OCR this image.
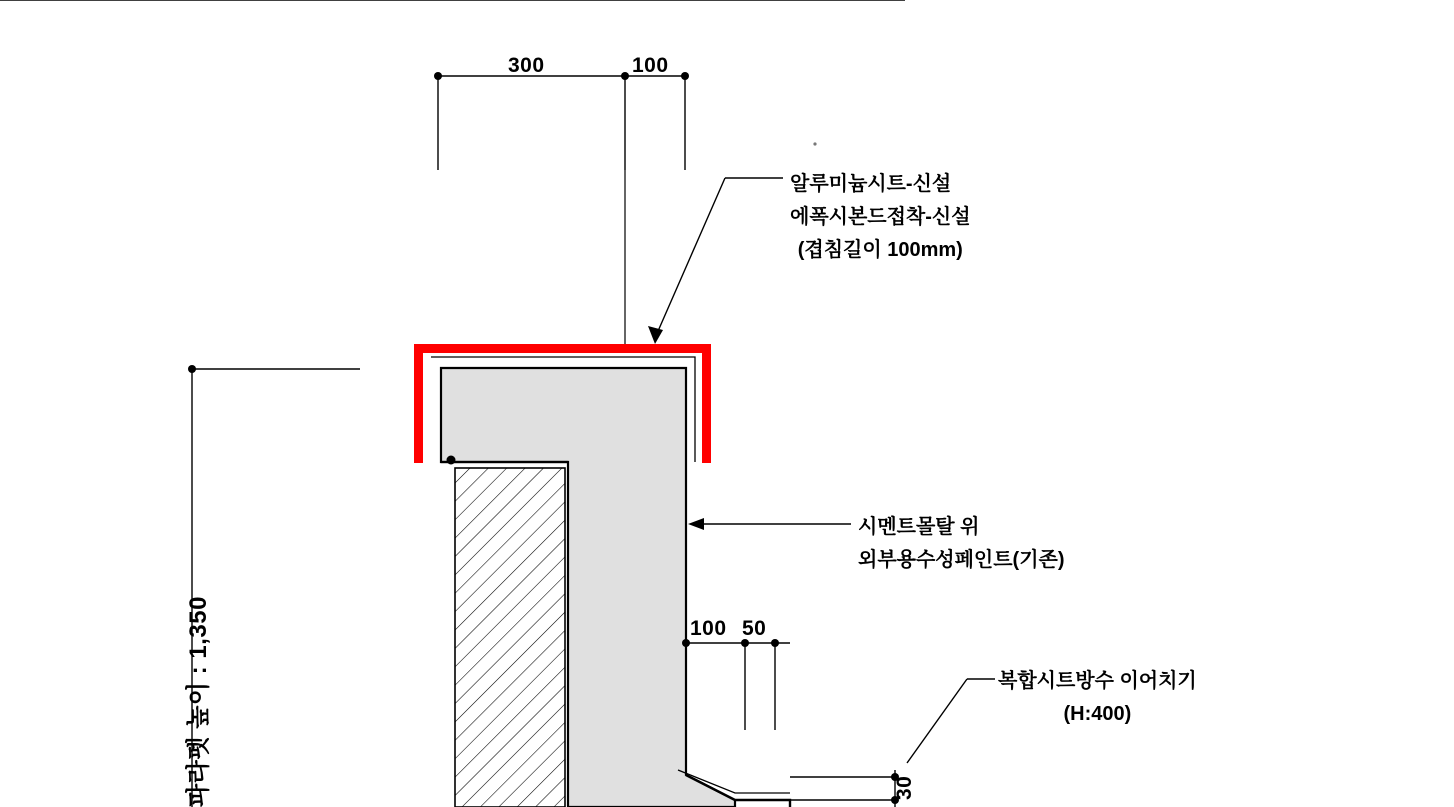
300	100
100 50
30
파라펫 높이 : 1,350
알루미늄시트-신설
에폭시본드접착-신설
(겹침길이 100mm)
시멘트몰탈 위
외부용수성페인트(기존)
복합시트방수 이어치기
(H:400)
